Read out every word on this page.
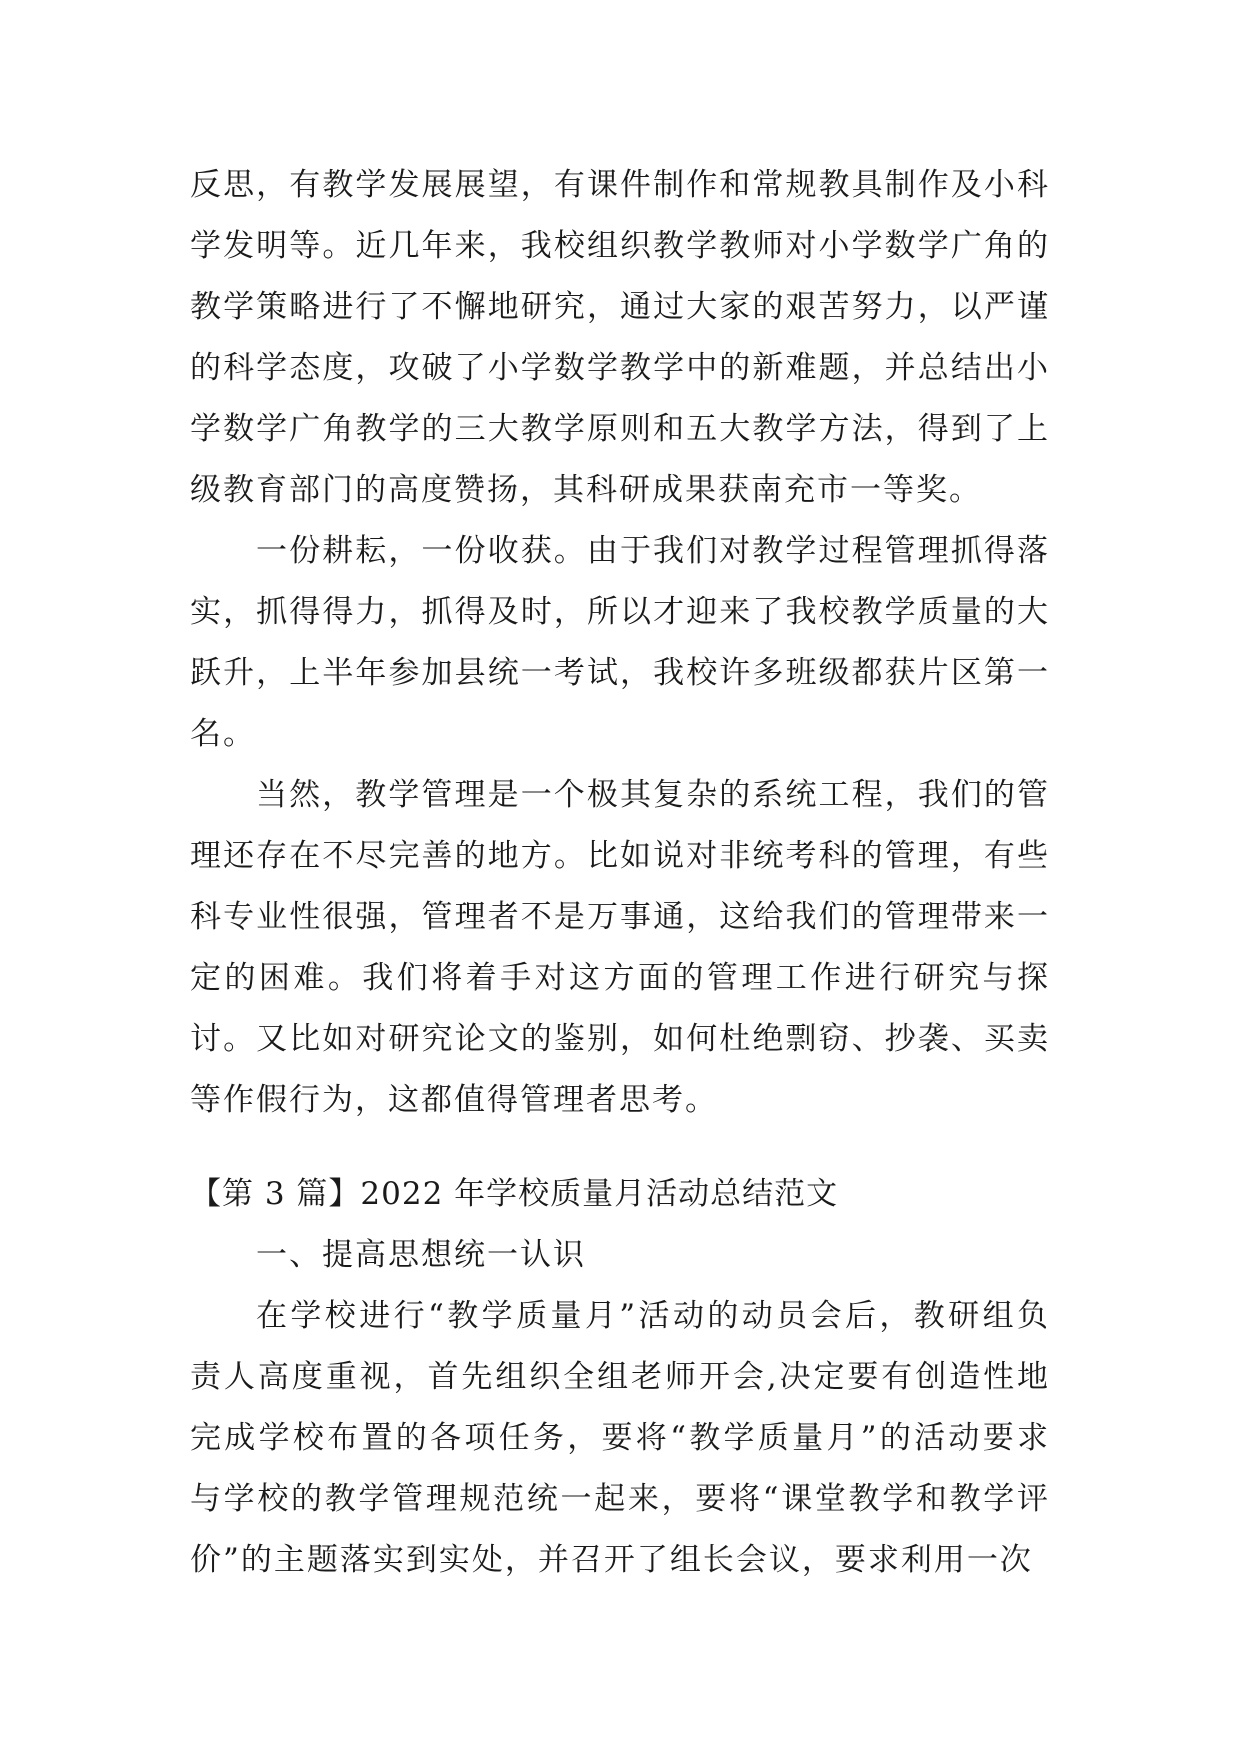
反思，有教学发展展望，有课件制作和常规教具制作及小科学发明等。近几年来，我校组织教学教师对小学数学广角的教学策略进行了不懈地研究，通过大家的艰苦努力，以严谨的科学态度，攻破了小学数学教学中的新难题，并总结出小学数学广角教学的三大教学原则和五大教学方法，得到了上级教育部门的高度赞扬，其科研成果获南充市一等奖。

一份耕耘，一份收获。由于我们对教学过程管理抓得落实，抓得得力，抓得及时，所以才迎来了我校教学质量的大跃升，上半年参加县统一考试，我校许多班级都获片区第一名。

当然，教学管理是一个极其复杂的系统工程，我们的管理还存在不尽完善的地方。比如说对非统考科的管理，有些科专业性很强，管理者不是万事通，这给我们的管理带来一定的困难。我们将着手对这方面的管理工作进行研究与探讨。又比如对研究论文的鉴别，如何杜绝剽窃、抄袭、买卖等作假行为，这都值得管理者思考。

【第 3 篇】2022 年学校质量月活动总结范文

一、提高思想统一认识

在学校进行“教学质量月”活动的动员会后，教研组负责人高度重视，首先组织全组老师开会,决定要有创造性地完成学校布置的各项任务，要将“教学质量月”的活动要求与学校的教学管理规范统一起来，要将“课堂教学和教学评价”的主题落实到实处，并召开了组长会议，要求利用一次
